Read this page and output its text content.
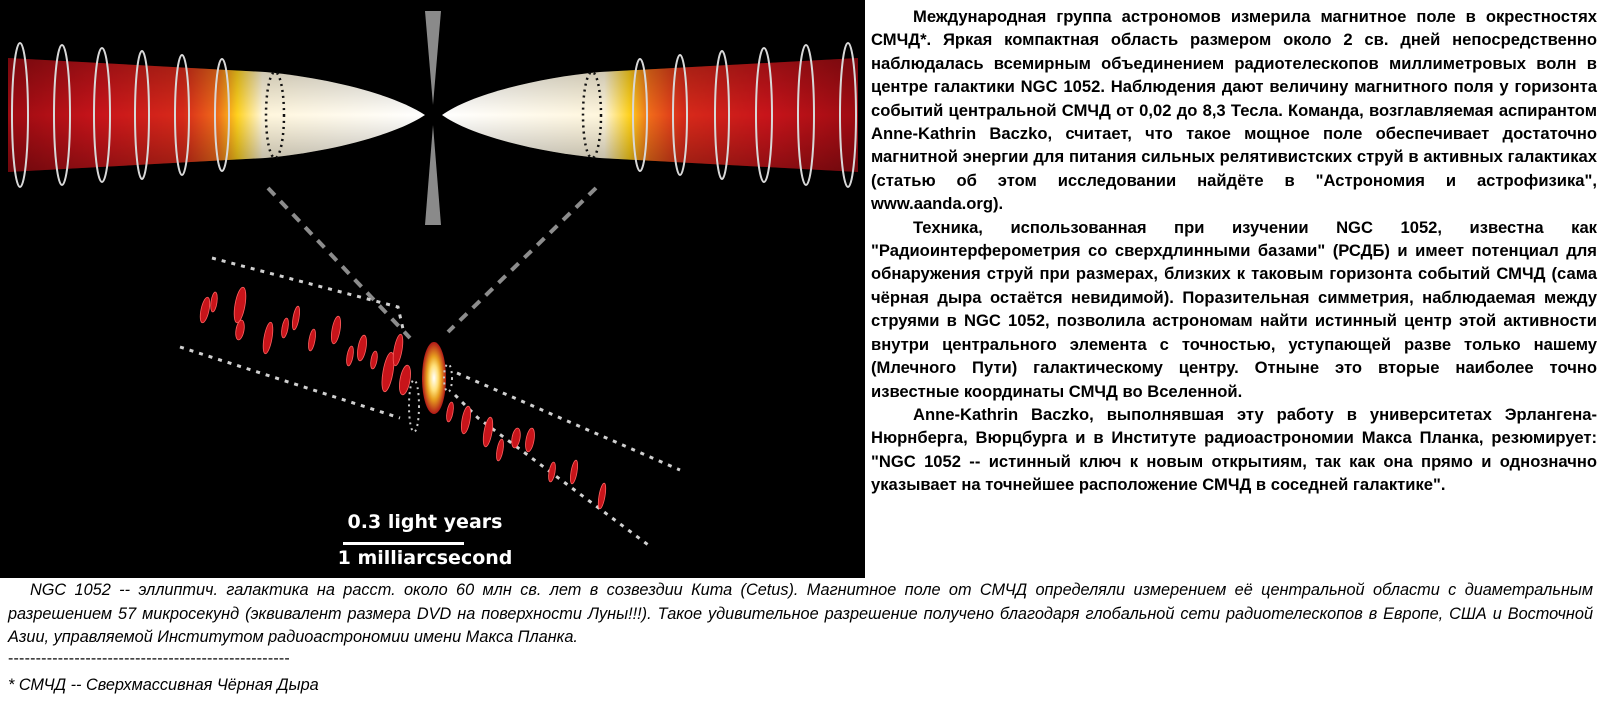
0.3 light years
1 milliarcsecond

Международная группа астрономов измерила магнитное поле в окрестностях СМЧД*. Яркая компактная область размером около 2 св. дней непосредственно наблюдалась всемирным объединением радиотелескопов миллиметровых волн в центре галактики NGC 1052. Наблюдения дают величину магнитного поля у горизонта событий центральной СМЧД от 0,02 до 8,3 Тесла. Команда, возглавляемая аспирантом Anne-Kathrin Baczko, считает, что такое мощное поле обеспечивает достаточно магнитной энергии для питания сильных релятивистских струй в активных галактиках (статью об этом исследовании найдёте в "Астрономия и астрофизика", www.aanda.org).

Техника, использованная при изучении NGC 1052, известна как "Радиоинтерферометрия со сверхдлинными базами" (РСДБ) и имеет потенциал для обнаружения струй при размерах, близких к таковым горизонта событий СМЧД (сама чёрная дыра остаётся невидимой). Поразительная симметрия, наблюдаемая между струями в NGC 1052, позволила астрономам найти истинный центр этой активности внутри центрального элемента с точностью, уступающей разве только нашему (Млечного Пути) галактическому центру. Отныне это вторые наиболее точно известные координаты СМЧД во Вселенной.

Anne-Kathrin Baczko, выполнявшая эту работу в университетах Эрлангена-Нюрнберга, Вюрцбурга и в Институте радиоастрономии Макса Планка, резюмирует: "NGC 1052 -- истинный ключ к новым открытиям, так как она прямо и однозначно указывает на точнейшее расположение СМЧД в соседней галактике".

NGC 1052 -- эллиптич. галактика на расст. около 60 млн св. лет в созвездии Кита (Cetus). Магнитное поле от СМЧД определяли измерением её центральной области с диаметральным разрешением 57 микросекунд (эквивалент размера DVD на поверхности Луны!!!). Такое удивительное разрешение получено благодаря глобальной сети радиотелескопов в Европе, США и Восточной Азии, управляемой Институтом радиоастрономии имени Макса Планка.
---------------------------------------------------
* СМЧД -- Сверхмассивная Чёрная Дыра
